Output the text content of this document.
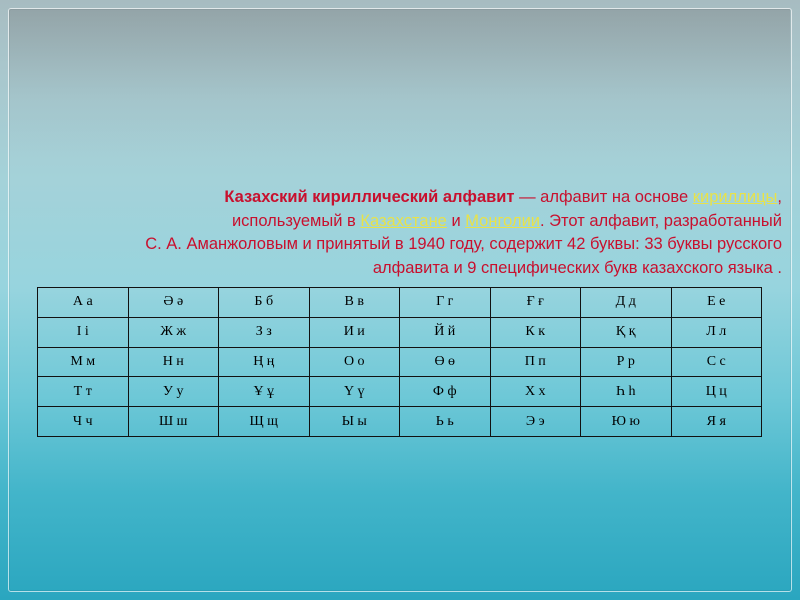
Казахский кириллический алфавит — алфавит на основе кириллицы,
используемый в Казахстане и Монголии. Этот алфавит, разработанный
С. А. Аманжоловым и принятый в 1940 году, содержит 42 буквы: 33 буквы русского
алфавита и 9 специфических букв казахского языка .
А а	Ә ә	Б б	В в	Г г	Ғ ғ	Д д	Е е
І і	Ж ж	З з	И и	Й й	К к	Қ қ	Л л
М м	Н н	Ң ң	О о	Ө ө	П п	Р р	С с
Т т	У у	Ұ ұ	Ү ү	Ф ф	Х х	Һ һ	Ц ц
Ч ч	Ш ш	Щ щ	Ы ы	Ь ь	Э э	Ю ю	Я я
